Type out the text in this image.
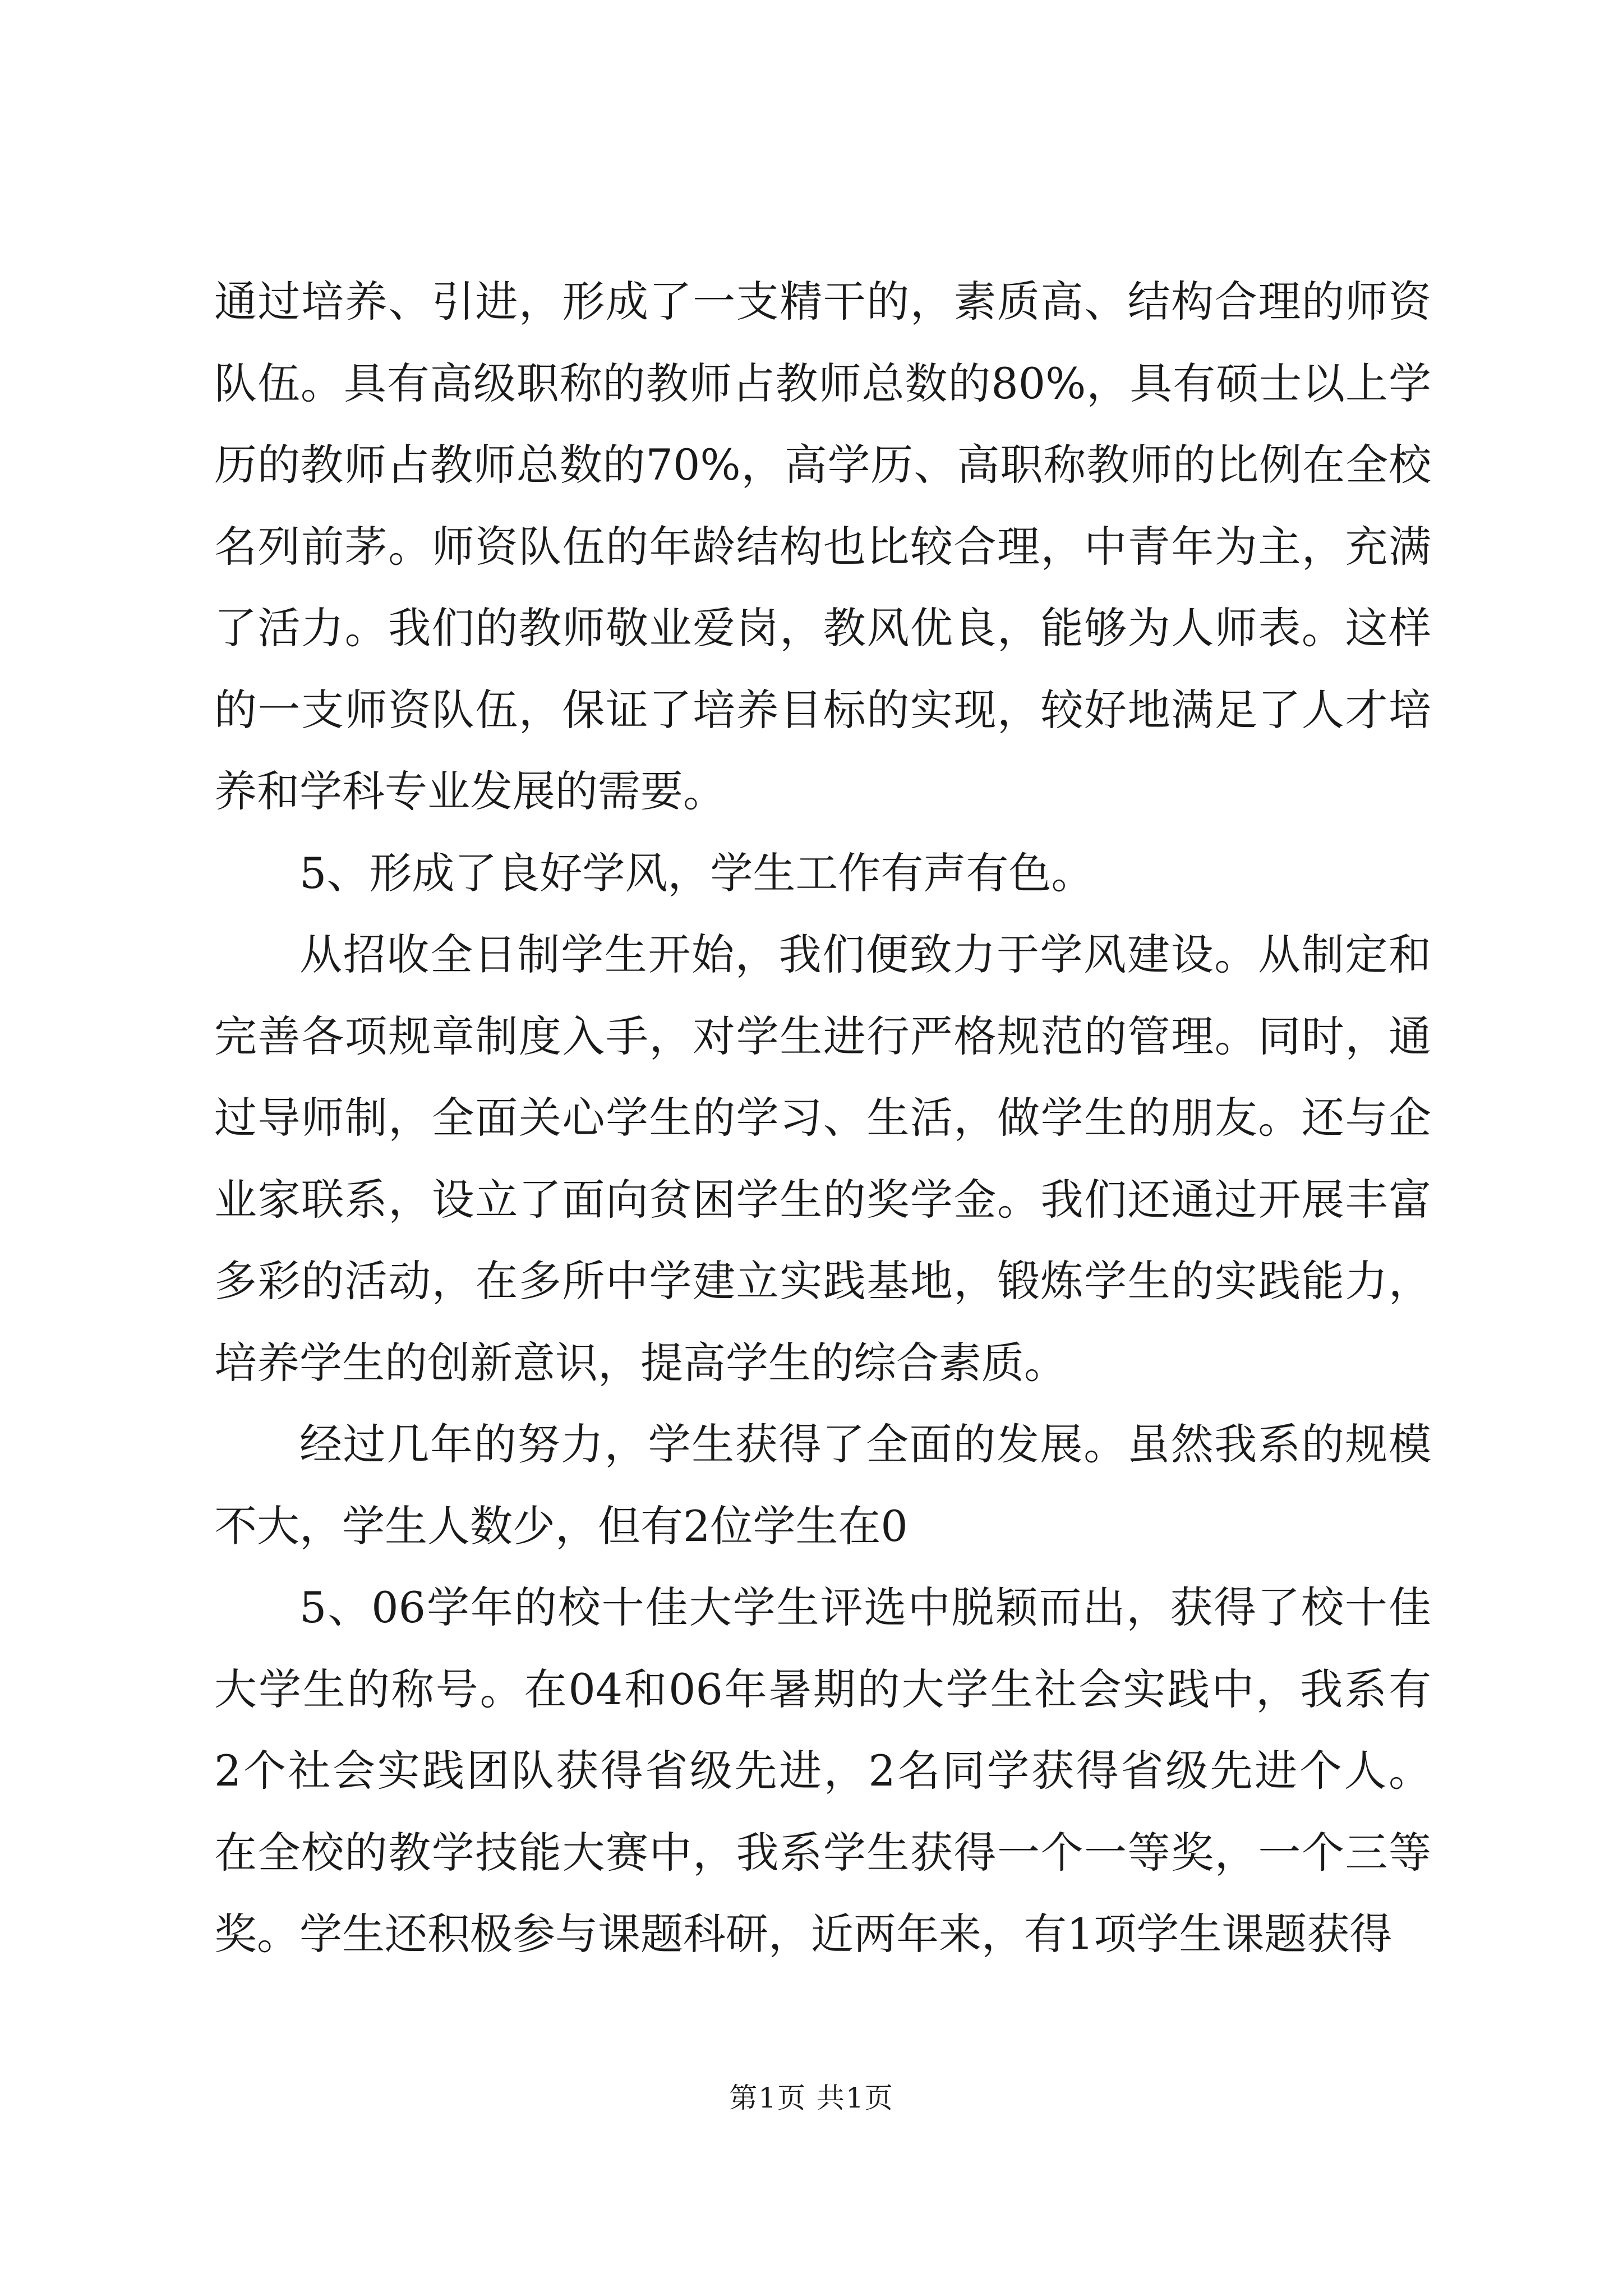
通过培养、引进，形成了一支精干的，素质高、结构合理的师资
队伍。具有高级职称的教师占教师总数的80%，具有硕士以上学
历的教师占教师总数的70%，高学历、高职称教师的比例在全校
名列前茅。师资队伍的年龄结构也比较合理，中青年为主，充满
了活力。我们的教师敬业爱岗，教风优良，能够为人师表。这样
的一支师资队伍，保证了培养目标的实现，较好地满足了人才培
养和学科专业发展的需要。
5、形成了良好学风，学生工作有声有色。
从招收全日制学生开始，我们便致力于学风建设。从制定和
完善各项规章制度入手，对学生进行严格规范的管理。同时，通
过导师制，全面关心学生的学习、生活，做学生的朋友。还与企
业家联系，设立了面向贫困学生的奖学金。我们还通过开展丰富
多彩的活动，在多所中学建立实践基地，锻炼学生的实践能力，
培养学生的创新意识，提高学生的综合素质。
经过几年的努力，学生获得了全面的发展。虽然我系的规模
不大，学生人数少，但有2位学生在0
5、06学年的校十佳大学生评选中脱颖而出，获得了校十佳
大学生的称号。在04和06年暑期的大学生社会实践中，我系有
2个社会实践团队获得省级先进，2名同学获得省级先进个人。
在全校的教学技能大赛中，我系学生获得一个一等奖，一个三等
奖。学生还积极参与课题科研，近两年来，有1项学生课题获得
第1页 共1页
